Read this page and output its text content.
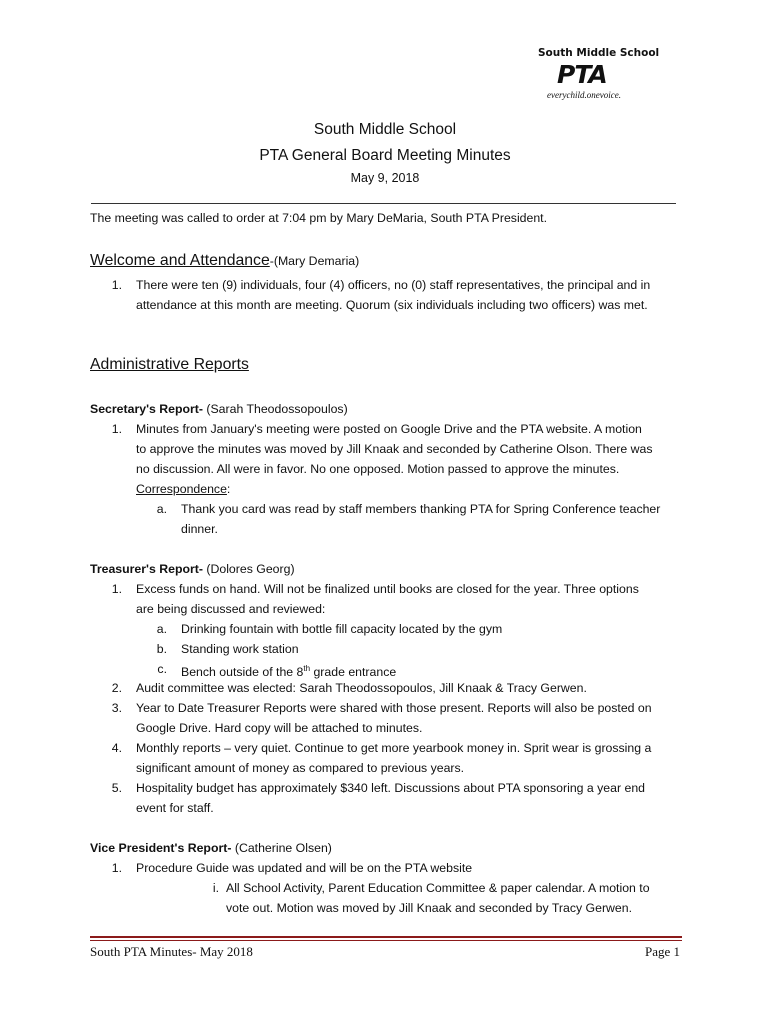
South Middle School
PTA
everychild.onevoice.
South Middle School
PTA General Board Meeting Minutes
May 9, 2018
The meeting was called to order at 7:04 pm by Mary DeMaria, South PTA President.
Welcome and Attendance-(Mary Demaria)
1. There were ten (9) individuals, four (4) officers, no (0) staff representatives, the principal and in
attendance at this month are meeting. Quorum (six individuals including two officers) was met.
Administrative Reports
Secretary's Report- (Sarah Theodossopoulos)
1. Minutes from January's meeting were posted on Google Drive and the PTA website. A motion
to approve the minutes was moved by Jill Knaak and seconded by Catherine Olson. There was
no discussion. All were in favor. No one opposed. Motion passed to approve the minutes.
Correspondence:
a. Thank you card was read by staff members thanking PTA for Spring Conference teacher
dinner.
Treasurer's Report- (Dolores Georg)
1. Excess funds on hand. Will not be finalized until books are closed for the year. Three options
are being discussed and reviewed:
a. Drinking fountain with bottle fill capacity located by the gym
b. Standing work station
c. Bench outside of the 8th grade entrance
2. Audit committee was elected: Sarah Theodossopoulos, Jill Knaak & Tracy Gerwen.
3. Year to Date Treasurer Reports were shared with those present. Reports will also be posted on
Google Drive. Hard copy will be attached to minutes.
4. Monthly reports – very quiet. Continue to get more yearbook money in. Sprit wear is grossing a
significant amount of money as compared to previous years.
5. Hospitality budget has approximately $340 left. Discussions about PTA sponsoring a year end
event for staff.
Vice President's Report- (Catherine Olsen)
1. Procedure Guide was updated and will be on the PTA website
i. All School Activity, Parent Education Committee & paper calendar. A motion to
vote out. Motion was moved by Jill Knaak and seconded by Tracy Gerwen.
South PTA Minutes- May 2018	Page 1
